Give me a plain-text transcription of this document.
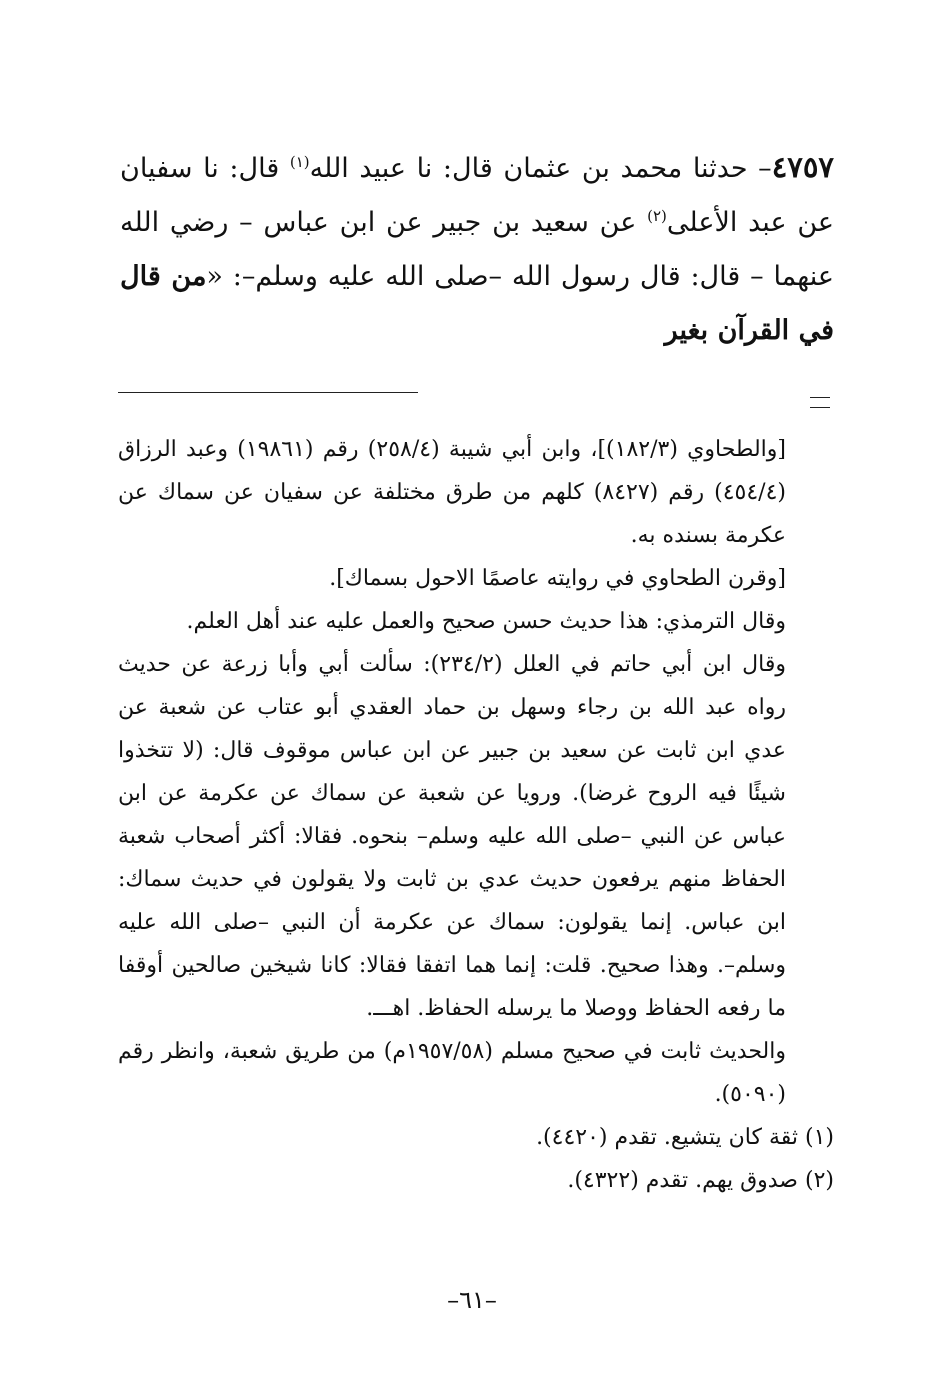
٤٧٥٧– حدثنا محمد بن عثمان قال: نا عبيد الله$^{(١)}$ قال: نا سفيان عن عبد الأعلى$^{(٢)}$ عن سعيد بن جبير عن ابن عباس – رضي الله عنهما – قال: قال رسول الله –صلى الله عليه وسلم–: «من قال في القرآن بغير

[والطحاوي (١٨٢/٣)]، وابن أبي شيبة (٢٥٨/٤) رقم (١٩٨٦١) وعبد الرزاق (٤٥٤/٤) رقم (٨٤٢٧) كلهم من طرق مختلفة عن سفيان عن سماك عن عكرمة بسنده به.

[وقرن الطحاوي في روايته عاصمًا الاحول بسماك].

وقال الترمذي: هذا حديث حسن صحيح والعمل عليه عند أهل العلم.

وقال ابن أبي حاتم في العلل (٢٣٤/٢): سألت أبي وأبا زرعة عن حديث رواه عبد الله بن رجاء وسهل بن حماد العقدي أبو عتاب عن شعبة عن عدي ابن ثابت عن سعيد بن جبير عن ابن عباس موقوف قال: (لا تتخذوا شيئًا فيه الروح غرضا). ورويا عن شعبة عن سماك عن عكرمة عن ابن عباس عن النبي –صلى الله عليه وسلم– بنحوه. فقالا: أكثر أصحاب شعبة الحفاظ منهم يرفعون حديث عدي بن ثابت ولا يقولون في حديث سماك: ابن عباس. إنما يقولون: سماك عن عكرمة أن النبي –صلى الله عليه وسلم–. وهذا صحيح. قلت: إنما هما اتفقا فقالا: كانا شيخين صالحين أوقفا ما رفعه الحفاظ ووصلا ما يرسله الحفاظ. اهـــ.

والحديث ثابت في صحيح مسلم (١٩٥٧/٥٨م) من طريق شعبة، وانظر رقم (٥٠٩٠).

(١) ثقة كان يتشيع. تقدم (٤٤٢٠).

(٢) صدوق يهم. تقدم (٤٣٢٢).

–٦١–
